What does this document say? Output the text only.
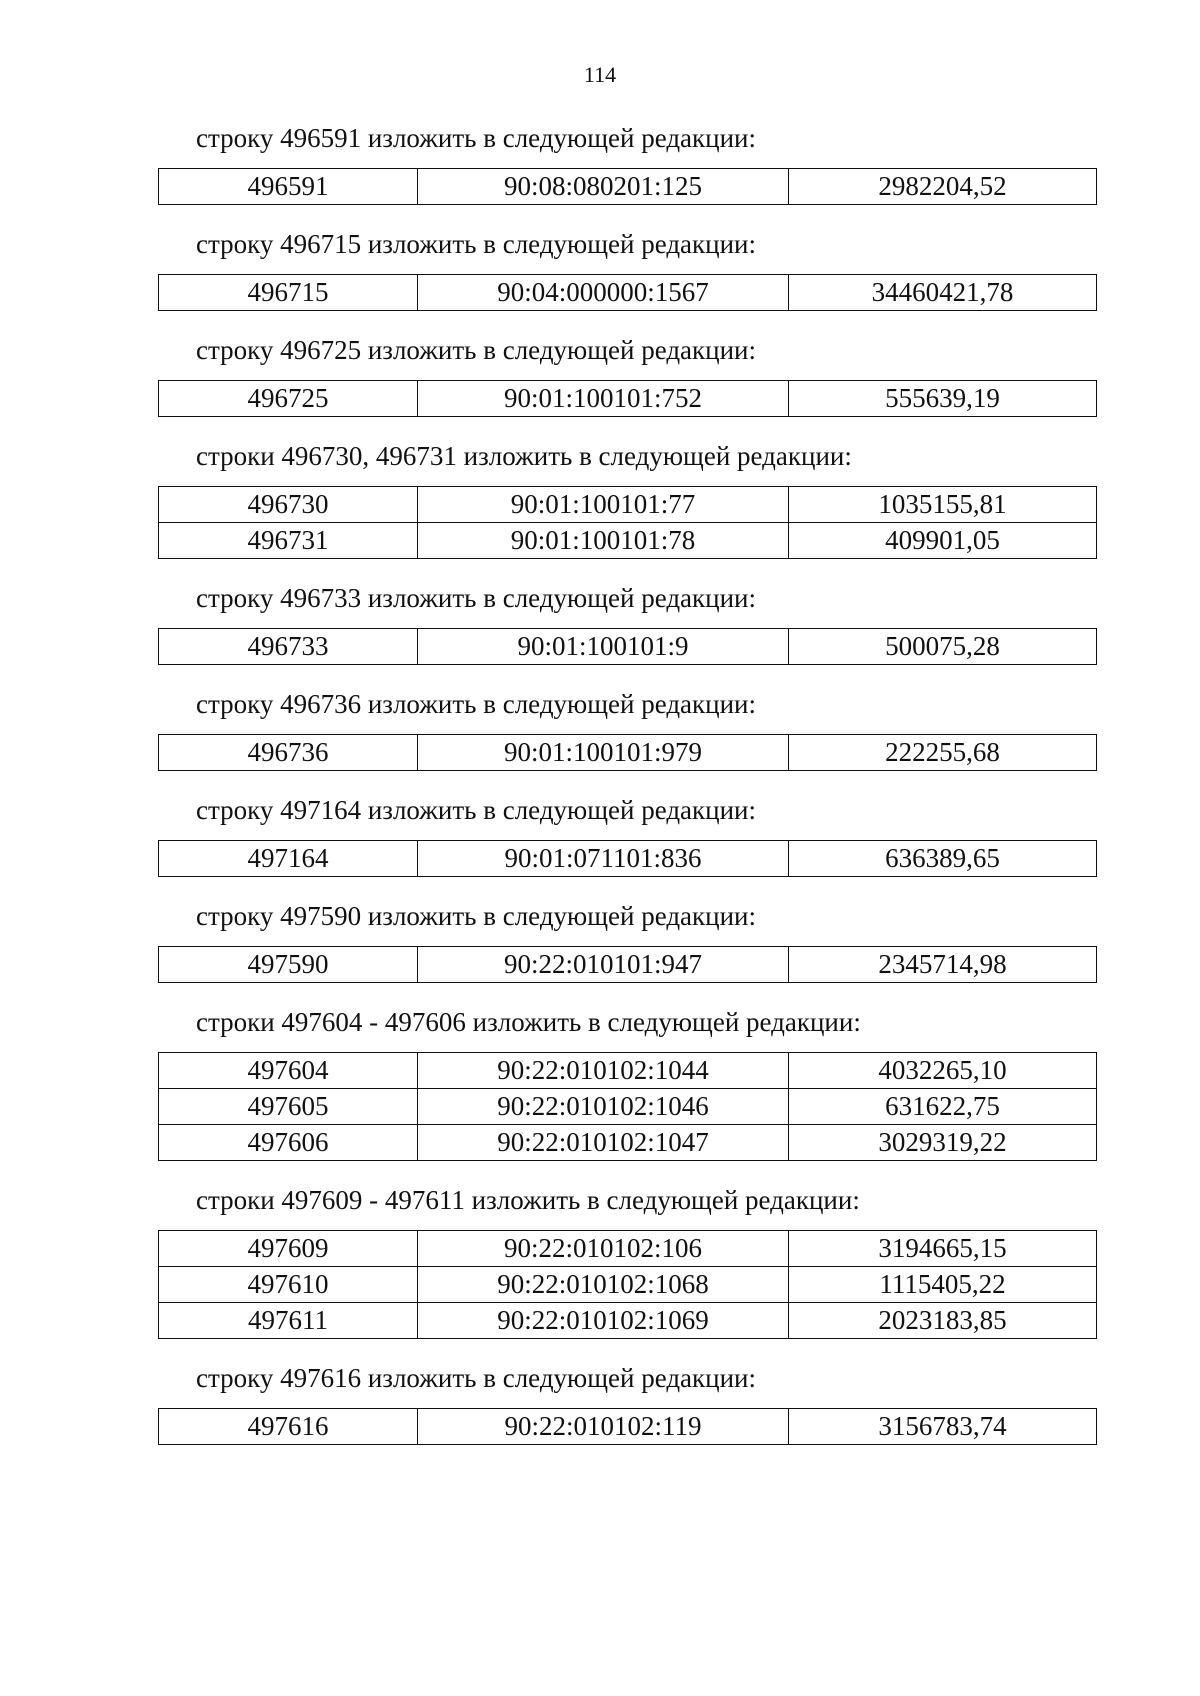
114
строку 496591 изложить в следующей редакции:
496591	90:08:080201:125	2982204,52
строку 496715 изложить в следующей редакции:
496715	90:04:000000:1567	34460421,78
строку 496725 изложить в следующей редакции:
496725	90:01:100101:752	555639,19
строки 496730, 496731 изложить в следующей редакции:
496730	90:01:100101:77	1035155,81
496731	90:01:100101:78	409901,05
строку 496733 изложить в следующей редакции:
496733	90:01:100101:9	500075,28
строку 496736 изложить в следующей редакции:
496736	90:01:100101:979	222255,68
строку 497164 изложить в следующей редакции:
497164	90:01:071101:836	636389,65
строку 497590 изложить в следующей редакции:
497590	90:22:010101:947	2345714,98
строки 497604 - 497606 изложить в следующей редакции:
497604	90:22:010102:1044	4032265,10
497605	90:22:010102:1046	631622,75
497606	90:22:010102:1047	3029319,22
строки 497609 - 497611 изложить в следующей редакции:
497609	90:22:010102:106	3194665,15
497610	90:22:010102:1068	1115405,22
497611	90:22:010102:1069	2023183,85
строку 497616 изложить в следующей редакции:
497616	90:22:010102:119	3156783,74
